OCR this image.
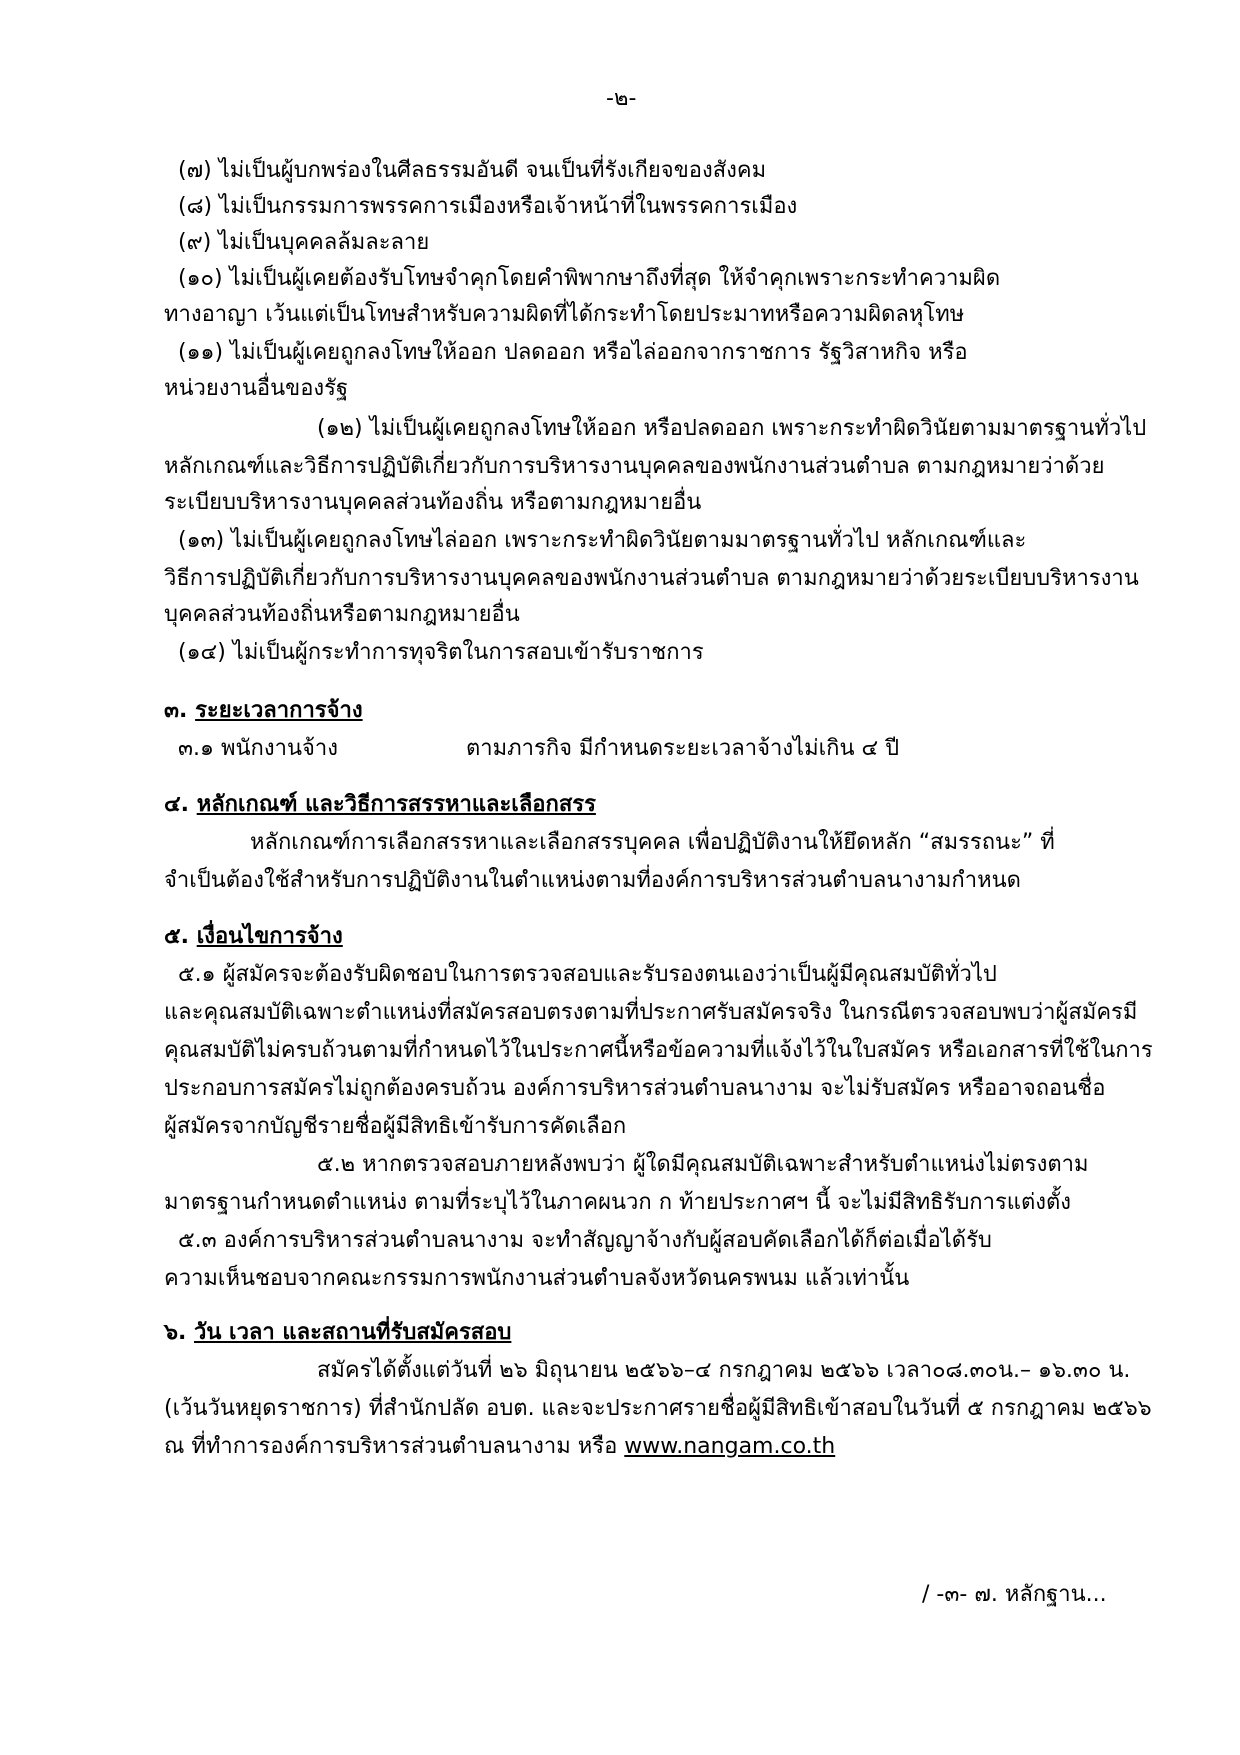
-๒-
(๗) ไม่เป็นผู้บกพร่องในศีลธรรมอันดี จนเป็นที่รังเกียจของสังคม
(๘) ไม่เป็นกรรมการพรรคการเมืองหรือเจ้าหน้าที่ในพรรคการเมือง
(๙) ไม่เป็นบุคคลล้มละลาย
(๑๐) ไม่เป็นผู้เคยต้องรับโทษจำคุกโดยคำพิพากษาถึงที่สุด ให้จำคุกเพราะกระทำความผิด
ทางอาญา เว้นแต่เป็นโทษสำหรับความผิดที่ได้กระทำโดยประมาทหรือความผิดลหุโทษ
(๑๑) ไม่เป็นผู้เคยถูกลงโทษให้ออก ปลดออก หรือไล่ออกจากราชการ รัฐวิสาหกิจ หรือ
หน่วยงานอื่นของรัฐ
(๑๒) ไม่เป็นผู้เคยถูกลงโทษให้ออก หรือปลดออก เพราะกระทำผิดวินัยตามมาตรฐานทั่วไป
หลักเกณฑ์และวิธีการปฏิบัติเกี่ยวกับการบริหารงานบุคคลของพนักงานส่วนตำบล ตามกฎหมายว่าด้วย
ระเบียบบริหารงานบุคคลส่วนท้องถิ่น หรือตามกฎหมายอื่น
(๑๓) ไม่เป็นผู้เคยถูกลงโทษไล่ออก เพราะกระทำผิดวินัยตามมาตรฐานทั่วไป หลักเกณฑ์และ
วิธีการปฏิบัติเกี่ยวกับการบริหารงานบุคคลของพนักงานส่วนตำบล ตามกฎหมายว่าด้วยระเบียบบริหารงาน
บุคคลส่วนท้องถิ่นหรือตามกฎหมายอื่น
(๑๔) ไม่เป็นผู้กระทำการทุจริตในการสอบเข้ารับราชการ
๓. ระยะเวลาการจ้าง
๓.๑ พนักงานจ้าง	ตามภารกิจ มีกำหนดระยะเวลาจ้างไม่เกิน ๔ ปี
๔. หลักเกณฑ์ และวิธีการสรรหาและเลือกสรร
หลักเกณฑ์การเลือกสรรหาและเลือกสรรบุคคล เพื่อปฏิบัติงานให้ยึดหลัก “สมรรถนะ” ที่
จำเป็นต้องใช้สำหรับการปฏิบัติงานในตำแหน่งตามที่องค์การบริหารส่วนตำบลนางามกำหนด
๕. เงื่อนไขการจ้าง
๕.๑ ผู้สมัครจะต้องรับผิดชอบในการตรวจสอบและรับรองตนเองว่าเป็นผู้มีคุณสมบัติทั่วไป
และคุณสมบัติเฉพาะตำแหน่งที่สมัครสอบตรงตามที่ประกาศรับสมัครจริง ในกรณีตรวจสอบพบว่าผู้สมัครมี
คุณสมบัติไม่ครบถ้วนตามที่กำหนดไว้ในประกาศนี้หรือข้อความที่แจ้งไว้ในใบสมัคร หรือเอกสารที่ใช้ในการ
ประกอบการสมัครไม่ถูกต้องครบถ้วน องค์การบริหารส่วนตำบลนางาม จะไม่รับสมัคร หรืออาจถอนชื่อ
ผู้สมัครจากบัญชีรายชื่อผู้มีสิทธิเข้ารับการคัดเลือก
๕.๒ หากตรวจสอบภายหลังพบว่า ผู้ใดมีคุณสมบัติเฉพาะสำหรับตำแหน่งไม่ตรงตาม
มาตรฐานกำหนดตำแหน่ง ตามที่ระบุไว้ในภาคผนวก ก ท้ายประกาศฯ นี้ จะไม่มีสิทธิรับการแต่งตั้ง
๕.๓ องค์การบริหารส่วนตำบลนางาม จะทำสัญญาจ้างกับผู้สอบคัดเลือกได้ก็ต่อเมื่อได้รับ
ความเห็นชอบจากคณะกรรมการพนักงานส่วนตำบลจังหวัดนครพนม แล้วเท่านั้น
๖. วัน เวลา และสถานที่รับสมัครสอบ
สมัครได้ตั้งแต่วันที่ ๒๖ มิถุนายน ๒๕๖๖–๔ กรกฎาคม ๒๕๖๖ เวลา๐๘.๓๐น.– ๑๖.๓๐ น.
(เว้นวันหยุดราชการ) ที่สำนักปลัด อบต. และจะประกาศรายชื่อผู้มีสิทธิเข้าสอบในวันที่ ๕ กรกฎาคม ๒๕๖๖
ณ ที่ทำการองค์การบริหารส่วนตำบลนางาม หรือ www.nangam.co.th
/ -๓- ๗. หลักฐาน...
